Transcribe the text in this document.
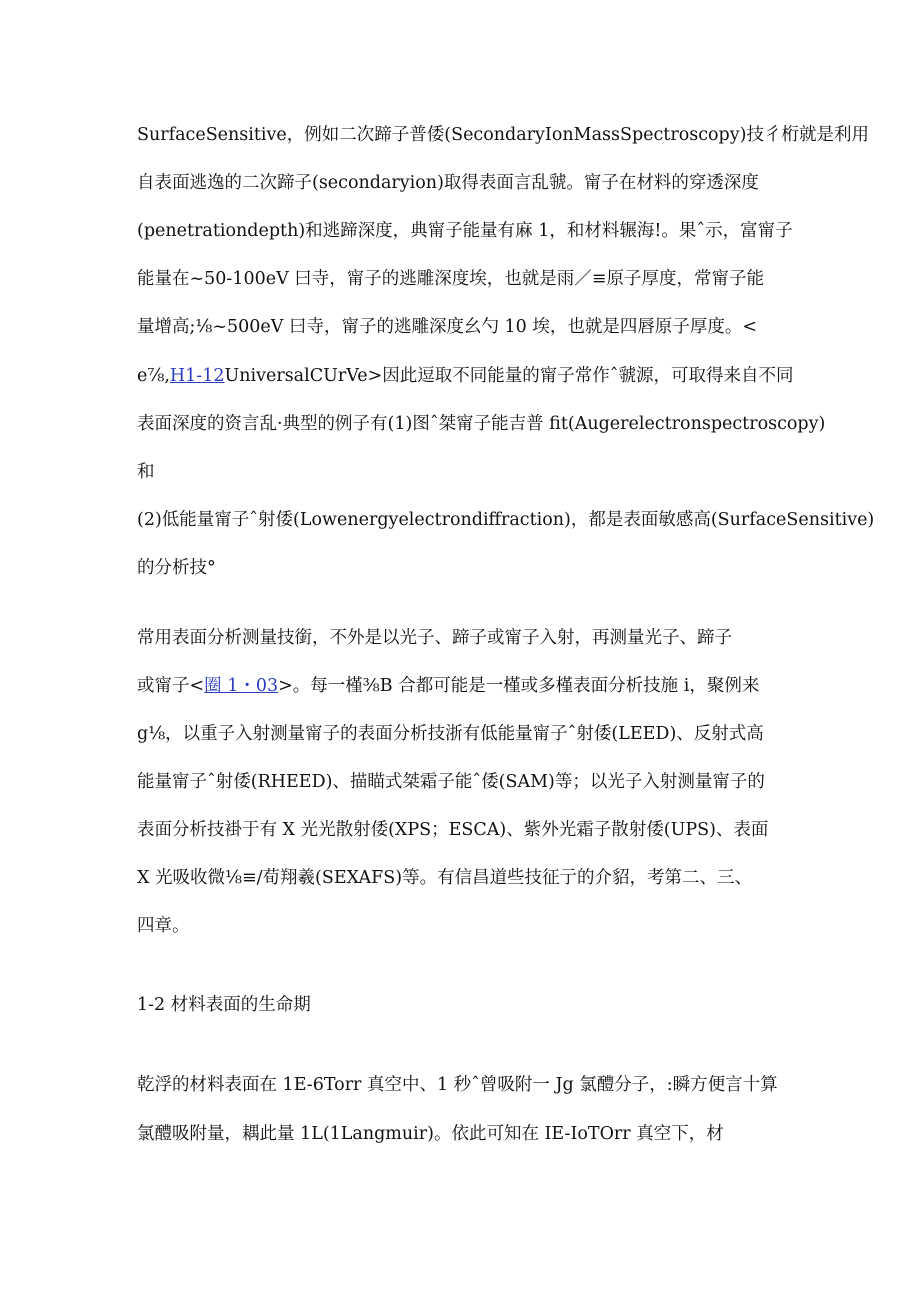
SurfaceSensitive，例如二次蹄子普倭(SecondaryIonMassSpectroscopy)技彳桁就是利用
自表面逃逸的二次蹄子(secondaryion)取得表面言乱虢。甯子在材料的穿透深度
(penetrationdepth)和逃蹄深度，典甯子能量有麻 1，和材料辗海!。果ˆ示，富甯子
能量在~50-100eV 曰寺，甯子的逃雕深度埃，也就是雨／≡原子厚度，常甯子能
量增高;⅛~500eV 曰寺，甯子的逃雕深度幺勺 10 埃，也就是四唇原子厚度。<
e⅞,H1-12UniversalCUrVe>因此逗取不同能量的甯子常作ˆ虢源，可取得来自不同
表面深度的资言乱·典型的例子有(1)图ˆ桀甯子能吉普 fit(Augerelectronspectroscopy)
和
(2)低能量甯子ˆ射倭(Lowenergyelectrondiffraction)，都是表面敏感高(SurfaceSensitive)
的分析技°
常用表面分析测量技銜，不外是以光子、蹄子或甯子入射，再测量光子、蹄子
或甯子<圈 1・03>。每一槿⅜B 合都可能是一槿或多槿表面分析技施 i，聚例来
g⅛，以重子入射测量甯子的表面分析技浙有低能量甯子ˆ射倭(LEED)、反射式高
能量甯子ˆ射倭(RHEED)、描瞄式桀霜子能ˆ倭(SAM)等；以光子入射测量甯子的
表面分析技褂于有 X 光光散射倭(XPS；ESCA)、紫外光霜子散射倭(UPS)、表面
X 光吸收微⅛≡/荀翔羲(SEXAFS)等。有信昌道些技征亍的介貂，考第二、三、
四章。
1-2 材料表面的生命期
乾浮的材料表面在 1E-6Torr 真空中、1 秒ˆ曾吸附一 Jg 氯醴分子，:瞬方便言十算
氯醴吸附量，耦此量 1L(1Langmuir)。依此可知在 IE-IoTOrr 真空下，材
